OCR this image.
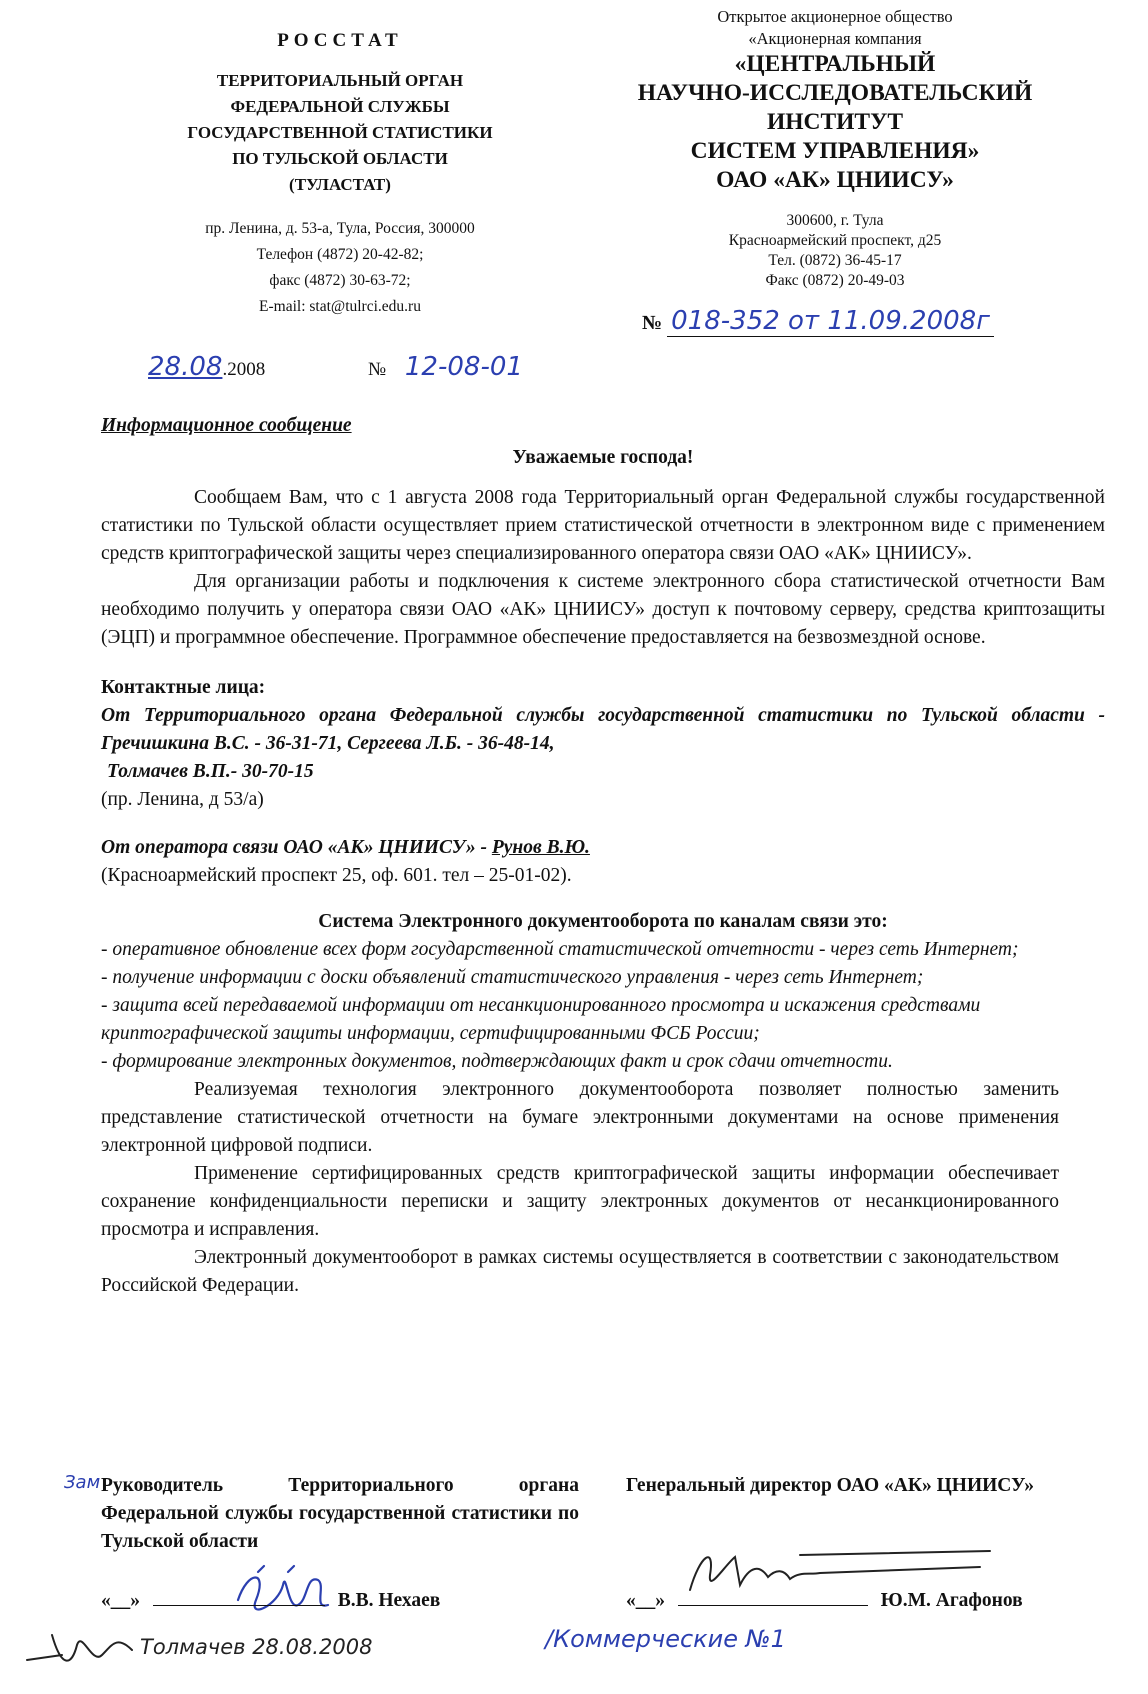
РОССТАТ
ТЕРРИТОРИАЛЬНЫЙ ОРГАН
ФЕДЕРАЛЬНОЙ СЛУЖБЫ
ГОСУДАРСТВЕННОЙ СТАТИСТИКИ
ПО ТУЛЬСКОЙ ОБЛАСТИ
(ТУЛАСТАТ)
пр. Ленина, д. 53-а, Тула, Россия, 300000
Телефон (4872) 20-42-82;
факс (4872) 30-63-72;
E-mail: stat@tulrci.edu.ru
Открытое акционерное общество
«Акционерная компания
«ЦЕНТРАЛЬНЫЙ
НАУЧНО-ИССЛЕДОВАТЕЛЬСКИЙ
ИНСТИТУТ
СИСТЕМ УПРАВЛЕНИЯ»
ОАО «АК» ЦНИИСУ»
300600, г. Тула
Красноармейский проспект, д25
Тел. (0872) 36-45-17
Факс (0872) 20-49-03
№ 018-352 от 11.09.2008г
28.08.2008	№ 12-08-01

Информационное сообщение

Уважаемые господа!

Сообщаем Вам, что с 1 августа 2008 года Территориальный орган Федеральной службы государственной статистики по Тульской области осуществляет прием статистической отчетности в электронном виде с применением средств криптографической защиты через специализированного оператора связи ОАО «АК» ЦНИИСУ».

Для организации работы и подключения к системе электронного сбора статистической отчетности Вам необходимо получить у оператора связи ОАО «АК» ЦНИИСУ» доступ к почтовому серверу, средства криптозащиты (ЭЦП) и программное обеспечение. Программное обеспечение предоставляется на безвозмездной основе.

Контактные лица:

От Территориального органа Федеральной службы государственной статистики по Тульской области - Гречишкина В.С. - 36-31-71, Сергеева Л.Б. - 36-48-14,

Толмачев В.П.- 30-70-15

(пр. Ленина, д 53/а)

От оператора связи ОАО «АК» ЦНИИСУ» - Рунов В.Ю.

(Красноармейский проспект 25, оф. 601. тел – 25-01-02).

Система Электронного документооборота по каналам связи это:

- оперативное обновление всех форм государственной статистической отчетности - через сеть Интернет;

- получение информации с доски объявлений статистического управления - через сеть Интернет;

- защита всей передаваемой информации от несанкционированного просмотра и искажения средствами криптографической защиты информации, сертифицированными ФСБ России;

- формирование электронных документов, подтверждающих факт и срок сдачи отчетности.

Реализуемая технология электронного документооборота позволяет полностью заменить представление статистической отчетности на бумаге электронными документами на основе применения электронной цифровой подписи.

Применение сертифицированных средств криптографической защиты информации обеспечивает сохранение конфиденциальности переписки и защиту электронных документов от несанкционированного просмотра и исправления.

Электронный документооборот в рамках системы осуществляется в соответствии с законодательством Российской Федерации.

Зам Руководитель Территориального органа Федеральной службы государственной статистики по Тульской области
Генеральный директор ОАО «АК» ЦНИИСУ»
«__»	В.В. Нехаев	«__»	Ю.М. Агафонов
Толмачев 28.08.2008	/Коммерческие №1
